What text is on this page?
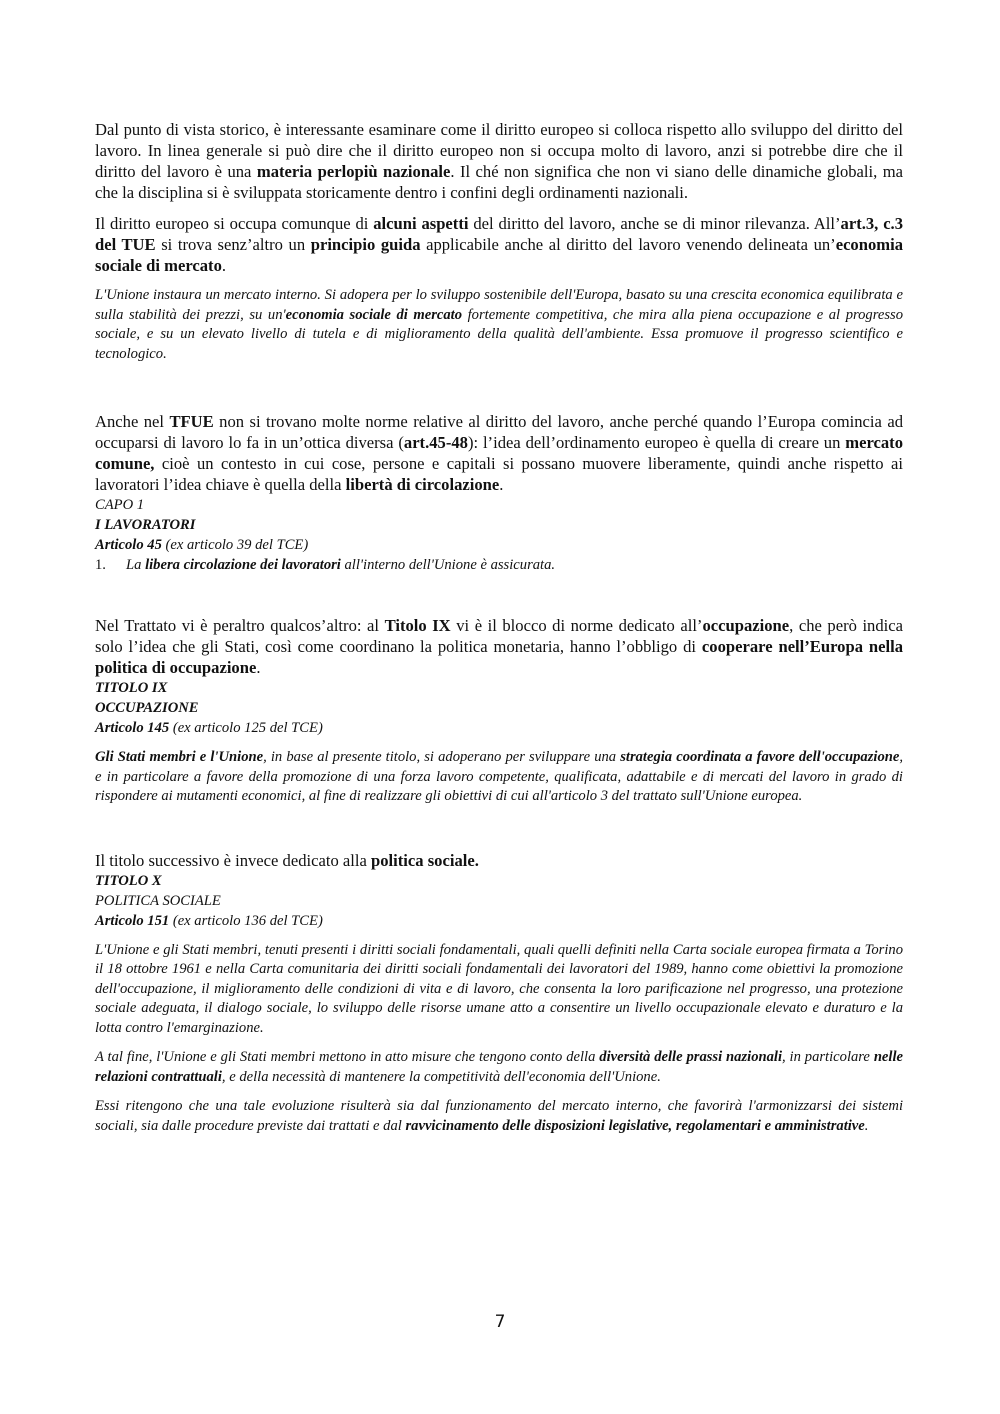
Dal punto di vista storico, è interessante esaminare come il diritto europeo si colloca rispetto allo sviluppo del diritto del lavoro. In linea generale si può dire che il diritto europeo non si occupa molto di lavoro, anzi si potrebbe dire che il diritto del lavoro è una materia perlopiù nazionale. Il ché non significa che non vi siano delle dinamiche globali, ma che la disciplina si è sviluppata storicamente dentro i confini degli ordinamenti nazionali.

Il diritto europeo si occupa comunque di alcuni aspetti del diritto del lavoro, anche se di minor rilevanza. All’art.3, c.3 del TUE si trova senz’altro un principio guida applicabile anche al diritto del lavoro venendo delineata un’economia sociale di mercato.

L'Unione instaura un mercato interno. Si adopera per lo sviluppo sostenibile dell'Europa, basato su una crescita economica equilibrata e sulla stabilità dei prezzi, su un'economia sociale di mercato fortemente competitiva, che mira alla piena occupazione e al progresso sociale, e su un elevato livello di tutela e di miglioramento della qualità dell'ambiente. Essa promuove il progresso scientifico e tecnologico.

Anche nel TFUE non si trovano molte norme relative al diritto del lavoro, anche perché quando l’Europa comincia ad occuparsi di lavoro lo fa in un’ottica diversa (art.45-48): l’idea dell’ordinamento europeo è quella di creare un mercato comune, cioè un contesto in cui cose, persone e capitali si possano muovere liberamente, quindi anche rispetto ai lavoratori l’idea chiave è quella della libertà di circolazione.

CAPO 1

I LAVORATORI

Articolo 45 (ex articolo 39 del TCE)

1.	La libera circolazione dei lavoratori all'interno dell'Unione è assicurata.

Nel Trattato vi è peraltro qualcos’altro: al Titolo IX vi è il blocco di norme dedicato all’occupazione, che però indica solo l’idea che gli Stati, così come coordinano la politica monetaria, hanno l’obbligo di cooperare nell’Europa nella politica di occupazione.

TITOLO IX

OCCUPAZIONE

Articolo 145 (ex articolo 125 del TCE)

Gli Stati membri e l'Unione, in base al presente titolo, si adoperano per sviluppare una strategia coordinata a favore dell'occupazione, e in particolare a favore della promozione di una forza lavoro competente, qualificata, adattabile e di mercati del lavoro in grado di rispondere ai mutamenti economici, al fine di realizzare gli obiettivi di cui all'articolo 3 del trattato sull'Unione europea.

Il titolo successivo è invece dedicato alla politica sociale.

TITOLO X

POLITICA SOCIALE

Articolo 151 (ex articolo 136 del TCE)

L'Unione e gli Stati membri, tenuti presenti i diritti sociali fondamentali, quali quelli definiti nella Carta sociale europea firmata a Torino il 18 ottobre 1961 e nella Carta comunitaria dei diritti sociali fondamentali dei lavoratori del 1989, hanno come obiettivi la promozione dell'occupazione, il miglioramento delle condizioni di vita e di lavoro, che consenta la loro parificazione nel progresso, una protezione sociale adeguata, il dialogo sociale, lo sviluppo delle risorse umane atto a consentire un livello occupazionale elevato e duraturo e la lotta contro l'emarginazione.

A tal fine, l'Unione e gli Stati membri mettono in atto misure che tengono conto della diversità delle prassi nazionali, in particolare nelle relazioni contrattuali, e della necessità di mantenere la competitività dell'economia dell'Unione.

Essi ritengono che una tale evoluzione risulterà sia dal funzionamento del mercato interno, che favorirà l'armonizzarsi dei sistemi sociali, sia dalle procedure previste dai trattati e dal ravvicinamento delle disposizioni legislative, regolamentari e amministrative.

7
